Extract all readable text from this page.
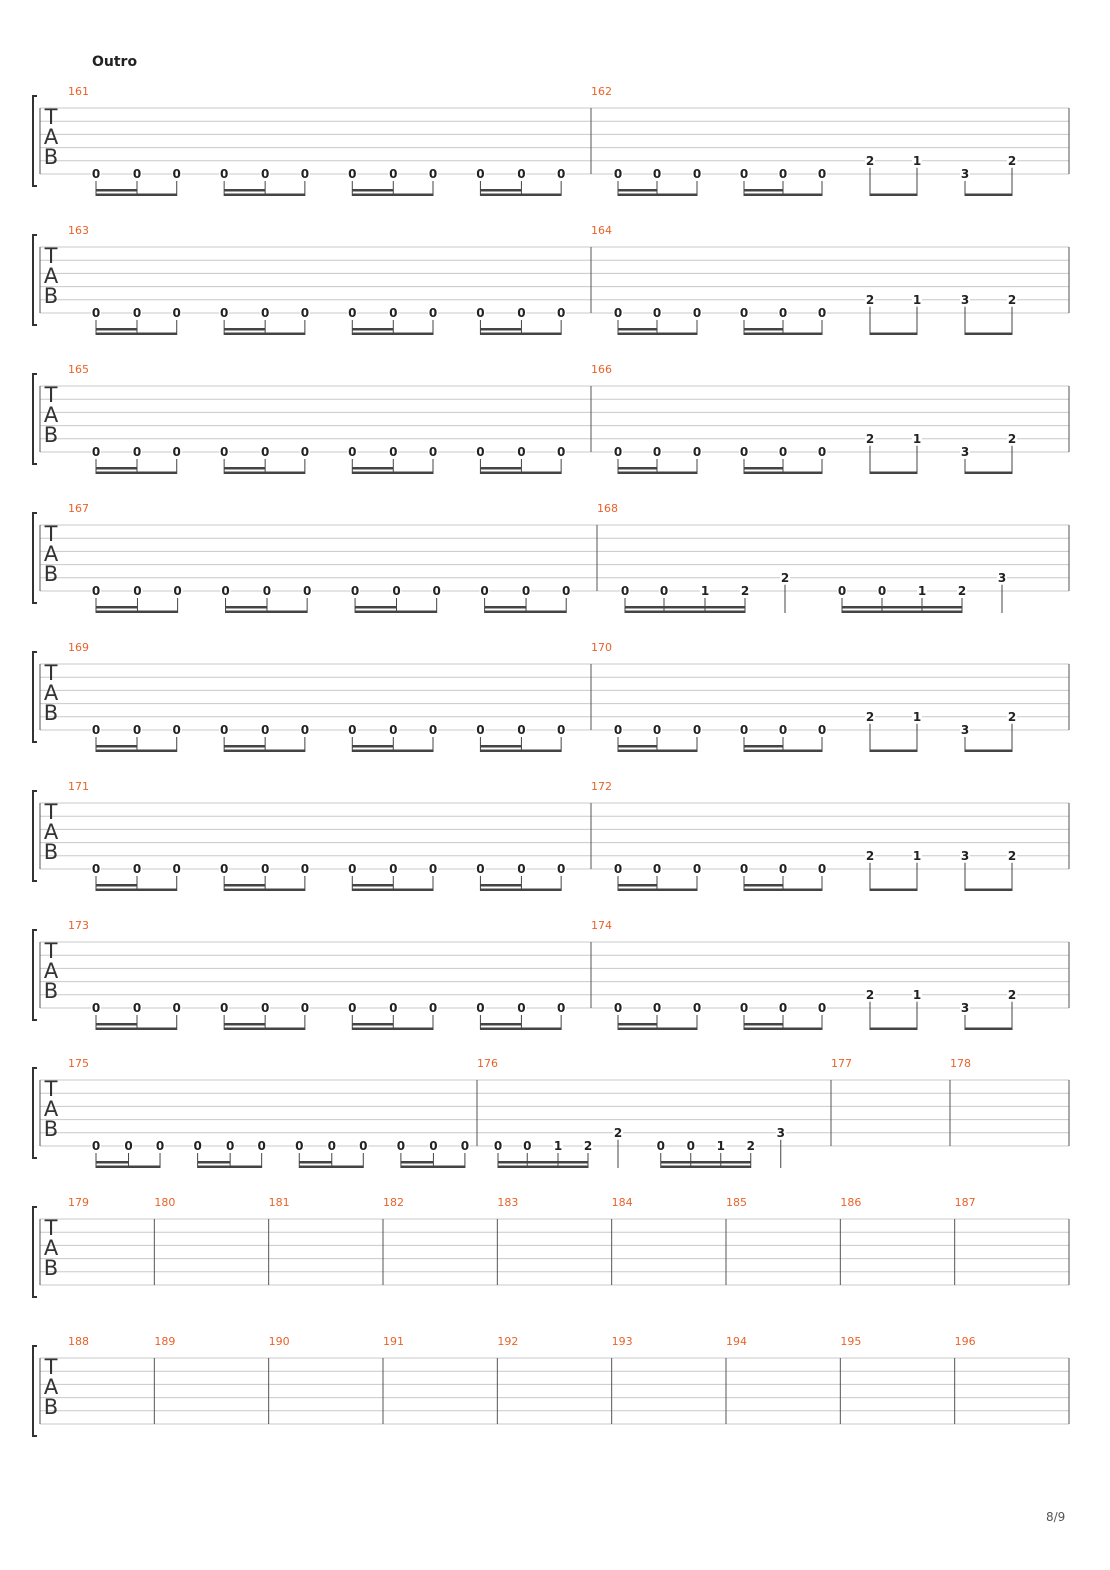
Outro
T
A
B
161
0	0	0	0	0	0	0	0	0	0	0	0
162
0	0	0	0	0	0
2	1
3
2
T
A
B
163
0	0	0	0	0	0	0	0	0	0	0	0
164
0	0	0	0	0	0
2	1	3	2
T
A
B
165
0	0	0	0	0	0	0	0	0	0	0	0
166
0	0	0	0	0	0
2	1
3
2
T
A
B
167
0	0	0	0	0	0	0	0	0	0	0	0
168
0	0	1	2
2
0	0	1	2
3
T
A
B
169
0	0	0	0	0	0	0	0	0	0	0	0
170
0	0	0	0	0	0
2	1
3
2
T
A
B
171
0	0	0	0	0	0	0	0	0	0	0	0
172
0	0	0	0	0	0
2	1	3	2
T
A
B
173
0	0	0	0	0	0	0	0	0	0	0	0
174
0	0	0	0	0	0
2	1
3
2
T
A
B
175
0 0 0 0 0 0 0 0 0 0 0 0
176
0 0 1 2
2
0 0 1 2
3
177	178
T
A
B
179	180	181	182	183	184	185	186	187
T
A
B
188	189	190	191	192	193	194	195	196
8/9
